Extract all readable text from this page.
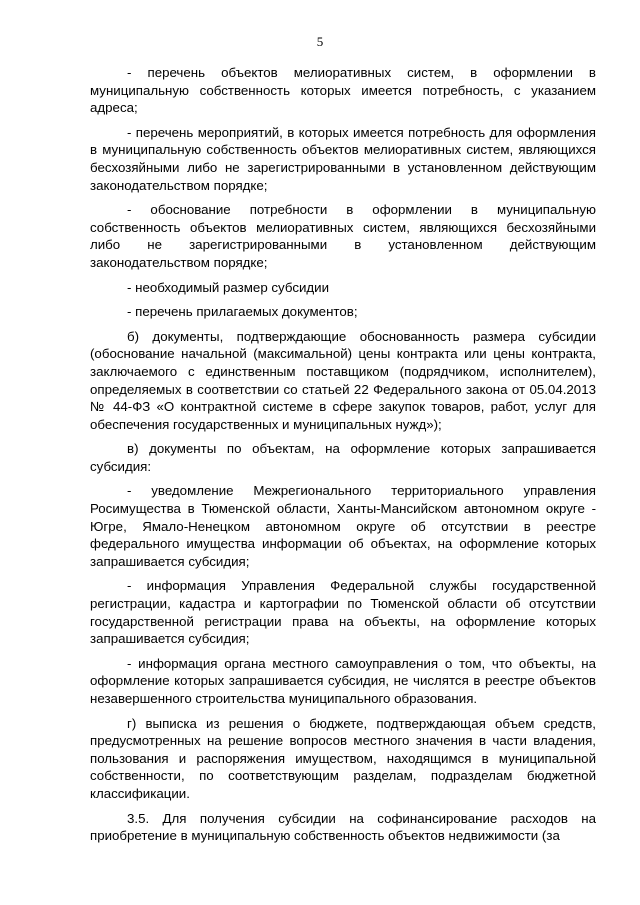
5

- перечень объектов мелиоративных систем, в оформлении в муниципальную собственность которых имеется потребность, с указанием адреса;

- перечень мероприятий, в которых имеется потребность для оформления в муниципальную собственность объектов мелиоративных систем, являющихся бесхозяйными либо не зарегистрированными в установленном действующим законодательством порядке;

- обоснование потребности в оформлении в муниципальную собственность объектов мелиоративных систем, являющихся бесхозяйными либо не зарегистрированными в установленном действующим законодательством порядке;

- необходимый размер субсидии

- перечень прилагаемых документов;

б) документы, подтверждающие обоснованность размера субсидии (обоснование начальной (максимальной) цены контракта или цены контракта, заключаемого с единственным поставщиком (подрядчиком, исполнителем), определяемых в соответствии со статьей 22 Федерального закона от 05.04.2013 № 44-ФЗ «О контрактной системе в сфере закупок товаров, работ, услуг для обеспечения государственных и муниципальных нужд»);

в) документы по объектам, на оформление которых запрашивается субсидия:

- уведомление Межрегионального территориального управления Росимущества в Тюменской области, Ханты-Мансийском автономном округе - Югре, Ямало-Ненецком автономном округе об отсутствии в реестре федерального имущества информации об объектах, на оформление которых запрашивается субсидия;

- информация Управления Федеральной службы государственной регистрации, кадастра и картографии по Тюменской области об отсутствии государственной регистрации права на объекты, на оформление которых запрашивается субсидия;

- информация органа местного самоуправления о том, что объекты, на оформление которых запрашивается субсидия, не числятся в реестре объектов незавершенного строительства муниципального образования.

г) выписка из решения о бюджете, подтверждающая объем средств, предусмотренных на решение вопросов местного значения в части владения, пользования и распоряжения имуществом, находящимся в муниципальной собственности, по соответствующим разделам, подразделам бюджетной классификации.

3.5. Для получения субсидии на софинансирование расходов на приобретение в муниципальную собственность объектов недвижимости (за
